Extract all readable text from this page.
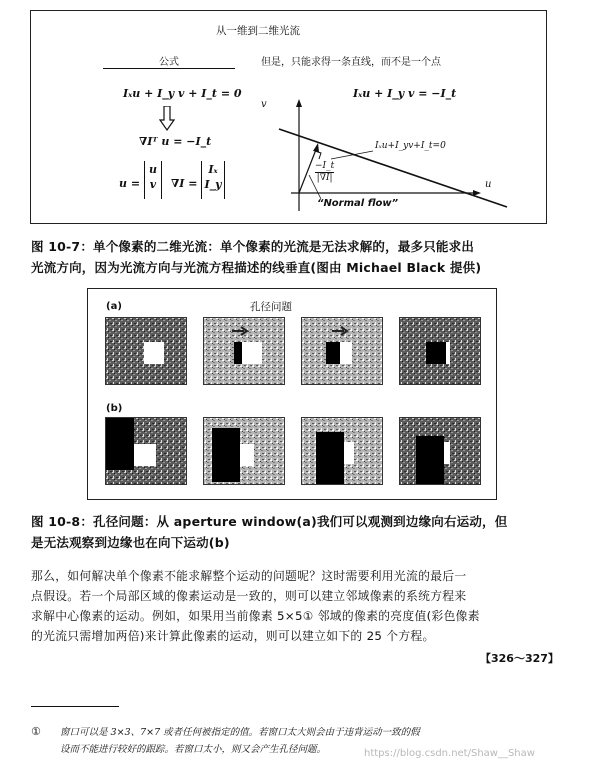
从一维到二维光流
公式	但是，只能求得一条直线，而不是一个点
Iₓu + I_y v + I_t = 0
∇Iᵀ u = −I_t
u =
u
v	∇I =
Iₓ
I_y
Iₓu + I_y v = −I_t
v
u
Iₓu+I_yv+I_t=0
−I_t
|∇I|
“Normal flow”
图 10-7：单个像素的二维光流：单个像素的光流是无法求解的，最多只能求出
光流方向，因为光流方向与光流方程描述的线垂直(图由 Michael Black 提供)
(a)	孔径问题
(b)
图 10-8：孔径问题：从 aperture window(a)我们可以观测到边缘向右运动，但
是无法观察到边缘也在向下运动(b)
那么，如何解决单个像素不能求解整个运动的问题呢？这时需要利用光流的最后一
点假设。若一个局部区域的像素运动是一致的，则可以建立邻域像素的系统方程来
求解中心像素的运动。例如，如果用当前像素 5×5① 邻域的像素的亮度值(彩色像素
的光流只需增加两倍)来计算此像素的运动，则可以建立如下的 25 个方程。
【326～327】
① 窗口可以是 3×3、7×7 或者任何被指定的值。若窗口太大则会由于违背运动一致的假
设而不能进行较好的跟踪。若窗口太小，则又会产生孔径问题。	https://blog.csdn.net/Shaw__Shaw
